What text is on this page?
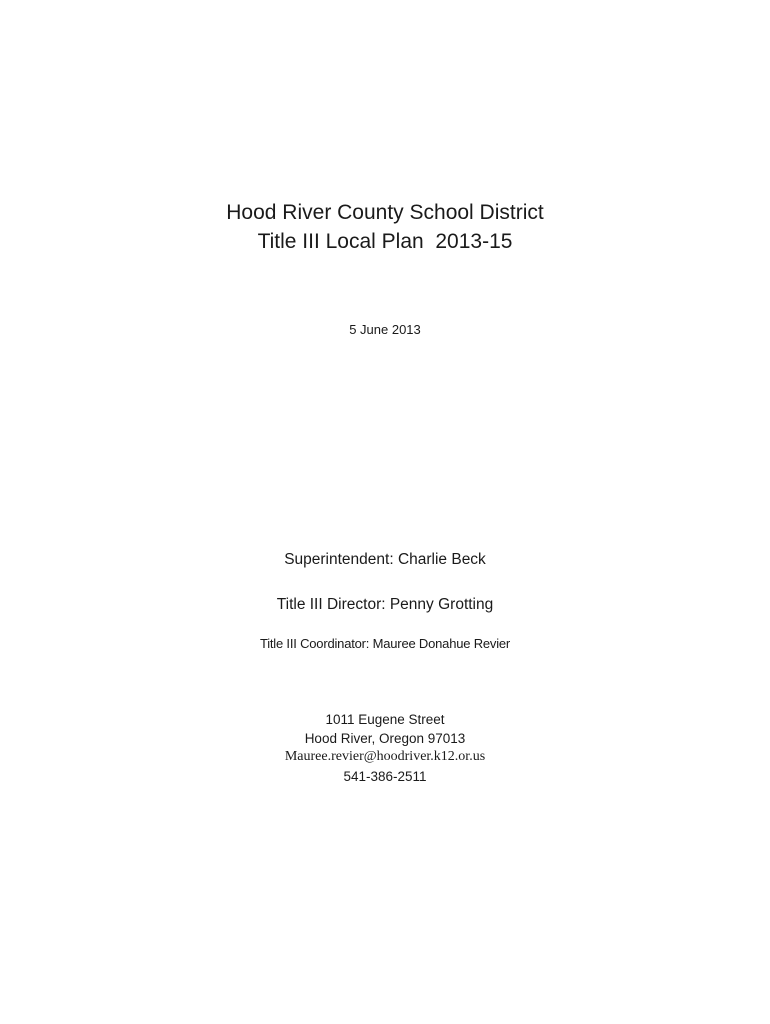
Hood River County School District
Title III Local Plan  2013-15
5 June 2013
Superintendent: Charlie Beck
Title III Director: Penny Grotting
Title III Coordinator: Mauree Donahue Revier
1011 Eugene Street
Hood River, Oregon 97013
Mauree.revier@hoodriver.k12.or.us
541-386-2511
